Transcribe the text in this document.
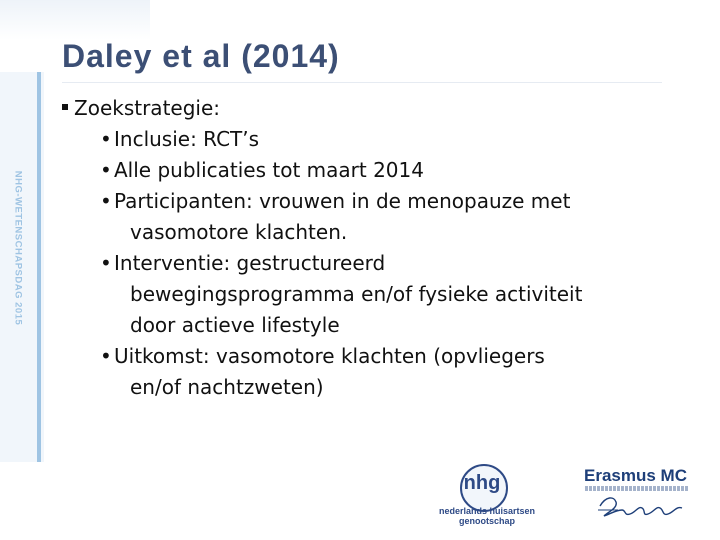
NHG-WETENSCHAPSDAG 2015
Daley et al (2014)
Zoekstrategie:
• Inclusie: RCT’s
• Alle publicaties tot maart 2014
• Participanten: vrouwen in de menopauze met
vasomotore klachten.
• Interventie: gestructureerd
bewegingsprogramma en/of fysieke activiteit
door actieve lifestyle
• Uitkomst: vasomotore klachten (opvliegers
en/of nachtzweten)
nhg
nederlands huisartsen
genootschap
Erasmus MC
